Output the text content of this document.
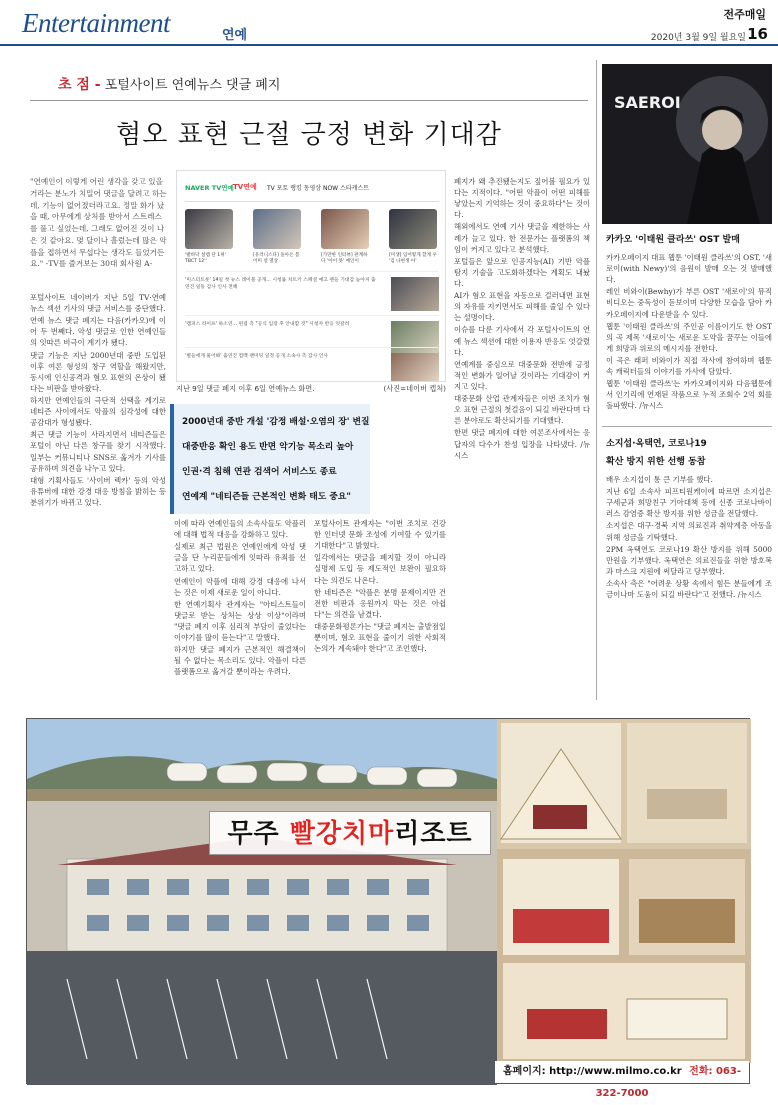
Entertainment	연예
전주매일
2020년 3월 9일 월요일 16
초 점 - 포털사이트 연예뉴스 댓글 폐지
혐오 표현 근절 긍정 변화 기대감
"연예인이 이렇게 어린 생각을 갖고 있을 거라는 분노가 치밀어 댓글을 달려고 하는데, 기능이 없어졌더라고요. 정말 화가 났을 때, 아무에게 상처를 받아서 스트레스를 풀고 싶었는데, 그래도 없어진 것이 나은 것 같아요. 몇 달이나 흘렀는데 많은 악플을 접하면서 무섭다는 생각도 들었거든요." -TV를 즐겨보는 30대 회사원 A-
NAVER TV연예 TV연예 TV 포토 랭킹 동영상 NOW 스타캐스트
'발바닥 설렘 단 1위' TBCT 12''
[유러니스다] 돌아온 봄 이미 설 열상
[가만한 인터뷰] 관계하다 '아이 못' 예인이
[미생] 입어떻게 할게 우 '김 나현생 아'
'미스터트롯' 14일 첫 뉴스 레이블 공개... 시청률 치트키 스페셜 예고 팬들 기대감 높아져 출연진 일동 감사 인사 전해
'캠퍼스 라이프' 하소연... 편집 측 "공식 입장 후 안내할 것" 시청자 반응 엇갈려
'별들에게 물어봐' 출연진 컴백 팬미팅 일정 공개 소속사 측 감사 인사
지난 9일 댓글 폐지 이후 6일 연예뉴스 화면.	(사진=네이버 캡처)
2000년대 중반 개설 '감정 배설·오염의 장' 변질
대중반응 확인 용도 반면 악기능 목소리 높아
인권·격 침해 연관 검색어 서비스도 종료
연예계 "네티즌들 근본적인 변화 태도 중요"

포털사이트 네이버가 지난 5일 TV·연예 뉴스 섹션 기사의 댓글 서비스를 중단했다.

연예 뉴스 댓글 폐지는 다음(카카오)에 이어 두 번째다. 악성 댓글로 인한 연예인들의 잇따른 비극이 계기가 됐다.

댓글 기능은 지난 2000년대 중반 도입된 이후 여론 형성의 창구 역할을 해왔지만, 동시에 인신공격과 혐오 표현의 온상이 됐다는 비판을 받아왔다.

하지만 연예인들의 극단적 선택을 계기로 네티즌 사이에서도 악플의 심각성에 대한 공감대가 형성됐다.

최근 댓글 기능이 사라지면서 네티즌들은 포털이 아닌 다른 창구를 찾기 시작했다. 일부는 커뮤니티나 SNS로 옮겨가 기사를 공유하며 의견을 나누고 있다.

대형 기획사들도 '사이버 렉카' 등의 악성 유튜버에 대한 강경 대응 방침을 밝히는 등 분위기가 바뀌고 있다.

이에 따라 연예인들의 소속사들도 악플러에 대해 법적 대응을 강화하고 있다.

실제로 최근 법원은 연예인에게 악성 댓글을 단 누리꾼들에게 잇따라 유죄를 선고하고 있다.

연예인이 악플에 대해 강경 대응에 나서는 것은 이제 새로운 일이 아니다.

한 연예기획사 관계자는 "아티스트들이 댓글로 받는 상처는 상상 이상"이라며 "댓글 폐지 이후 심리적 부담이 줄었다는 이야기를 많이 듣는다"고 말했다.

하지만 댓글 폐지가 근본적인 해결책이 될 수 없다는 목소리도 있다. 악플이 다른 플랫폼으로 옮겨갈 뿐이라는 우려다.

포털사이트 관계자는 "이번 조치로 건강한 인터넷 문화 조성에 기여할 수 있기를 기대한다"고 밝혔다.

일각에서는 댓글을 폐지할 것이 아니라 실명제 도입 등 제도적인 보완이 필요하다는 의견도 나온다.

한 네티즌은 "악플은 분명 문제이지만 건전한 비판과 응원까지 막는 것은 아쉽다"는 의견을 남겼다.

대중문화평론가는 "댓글 폐지는 출발점일 뿐이며, 혐오 표현을 줄이기 위한 사회적 논의가 계속돼야 한다"고 조언했다.

폐지가 왜 추진됐는지도 짚어볼 필요가 있다는 지적이다. "어떤 악플이 어떤 피해를 낳았는지 기억하는 것이 중요하다"는 것이다.

해외에서도 연예 기사 댓글을 제한하는 사례가 늘고 있다. 한 전문가는 플랫폼의 책임이 커지고 있다고 분석했다.

포털들은 앞으로 인공지능(AI) 기반 악플 탐지 기술을 고도화하겠다는 계획도 내놨다.

AI가 혐오 표현을 자동으로 걸러내면 표현의 자유를 지키면서도 피해를 줄일 수 있다는 설명이다.

이슈를 다룬 기사에서 각 포털사이트의 연예 뉴스 섹션에 대한 이용자 반응도 엇갈렸다.

연예계를 중심으로 대중문화 전반에 긍정적인 변화가 일어날 것이라는 기대감이 커지고 있다.

대중문화 산업 관계자들은 이번 조치가 혐오 표현 근절의 첫걸음이 되길 바란다며 다른 분야로도 확산되기를 기대했다.

한편 댓글 폐지에 대한 여론조사에서는 응답자의 다수가 찬성 입장을 나타냈다. /뉴시스

SAEROI
카카오 '이태원 클라쓰' OST 발매

카카오페이지 대표 웹툰 '이태원 클라쓰'의 OST, '새로이(with Newy)'의 음원이 발매 오는 것 발매했다.

레인 비와이(Bewhy)가 부른 OST '새로이'의 뮤직비디오는 중독성이 돋보이며 다양한 모습을 담아 카카오페이지에 다운받을 수 있다.

웹툰 '이태원 클라쓰'의 주인공 이름이기도 한 OST의 곡 제목 '새로이'는 새로운 도약을 꿈꾸는 이들에게 희망과 위로의 메시지를 전한다.

이 곡은 래퍼 비와이가 직접 작사에 참여하며 웹툰 속 캐릭터들의 이야기를 가사에 담았다.

웹툰 '이태원 클라쓰'는 카카오페이지와 다음웹툰에서 인기리에 연재된 작품으로 누적 조회수 2억 회를 돌파했다. /뉴시스

소지섭·옥택연, 코로나19
확산 방지 위한 선행 동참

배우 소지섭이 통 큰 기부를 했다.

지난 6일 소속사 피프티원케이에 따르면 소지섭은 구세군과 희망친구 기아대책 등에 신종 코로나바이러스 감염증 확산 방지를 위한 성금을 전달했다.

소지섭은 대구·경북 지역 의료진과 취약계층 아동을 위해 성금을 기탁했다.

2PM 옥택연도 코로나19 확산 방지를 위해 5000만원을 기부했다. 옥택연은 의료진들을 위한 방호복과 마스크 지원에 써달라고 당부했다.

소속사 측은 "어려운 상황 속에서 힘든 분들에게 조금이나마 도움이 되길 바란다"고 전했다. /뉴시스

무주 빨강치마리조트
홈페이지: http://www.milmo.co.kr 전화: 063-322-7000
